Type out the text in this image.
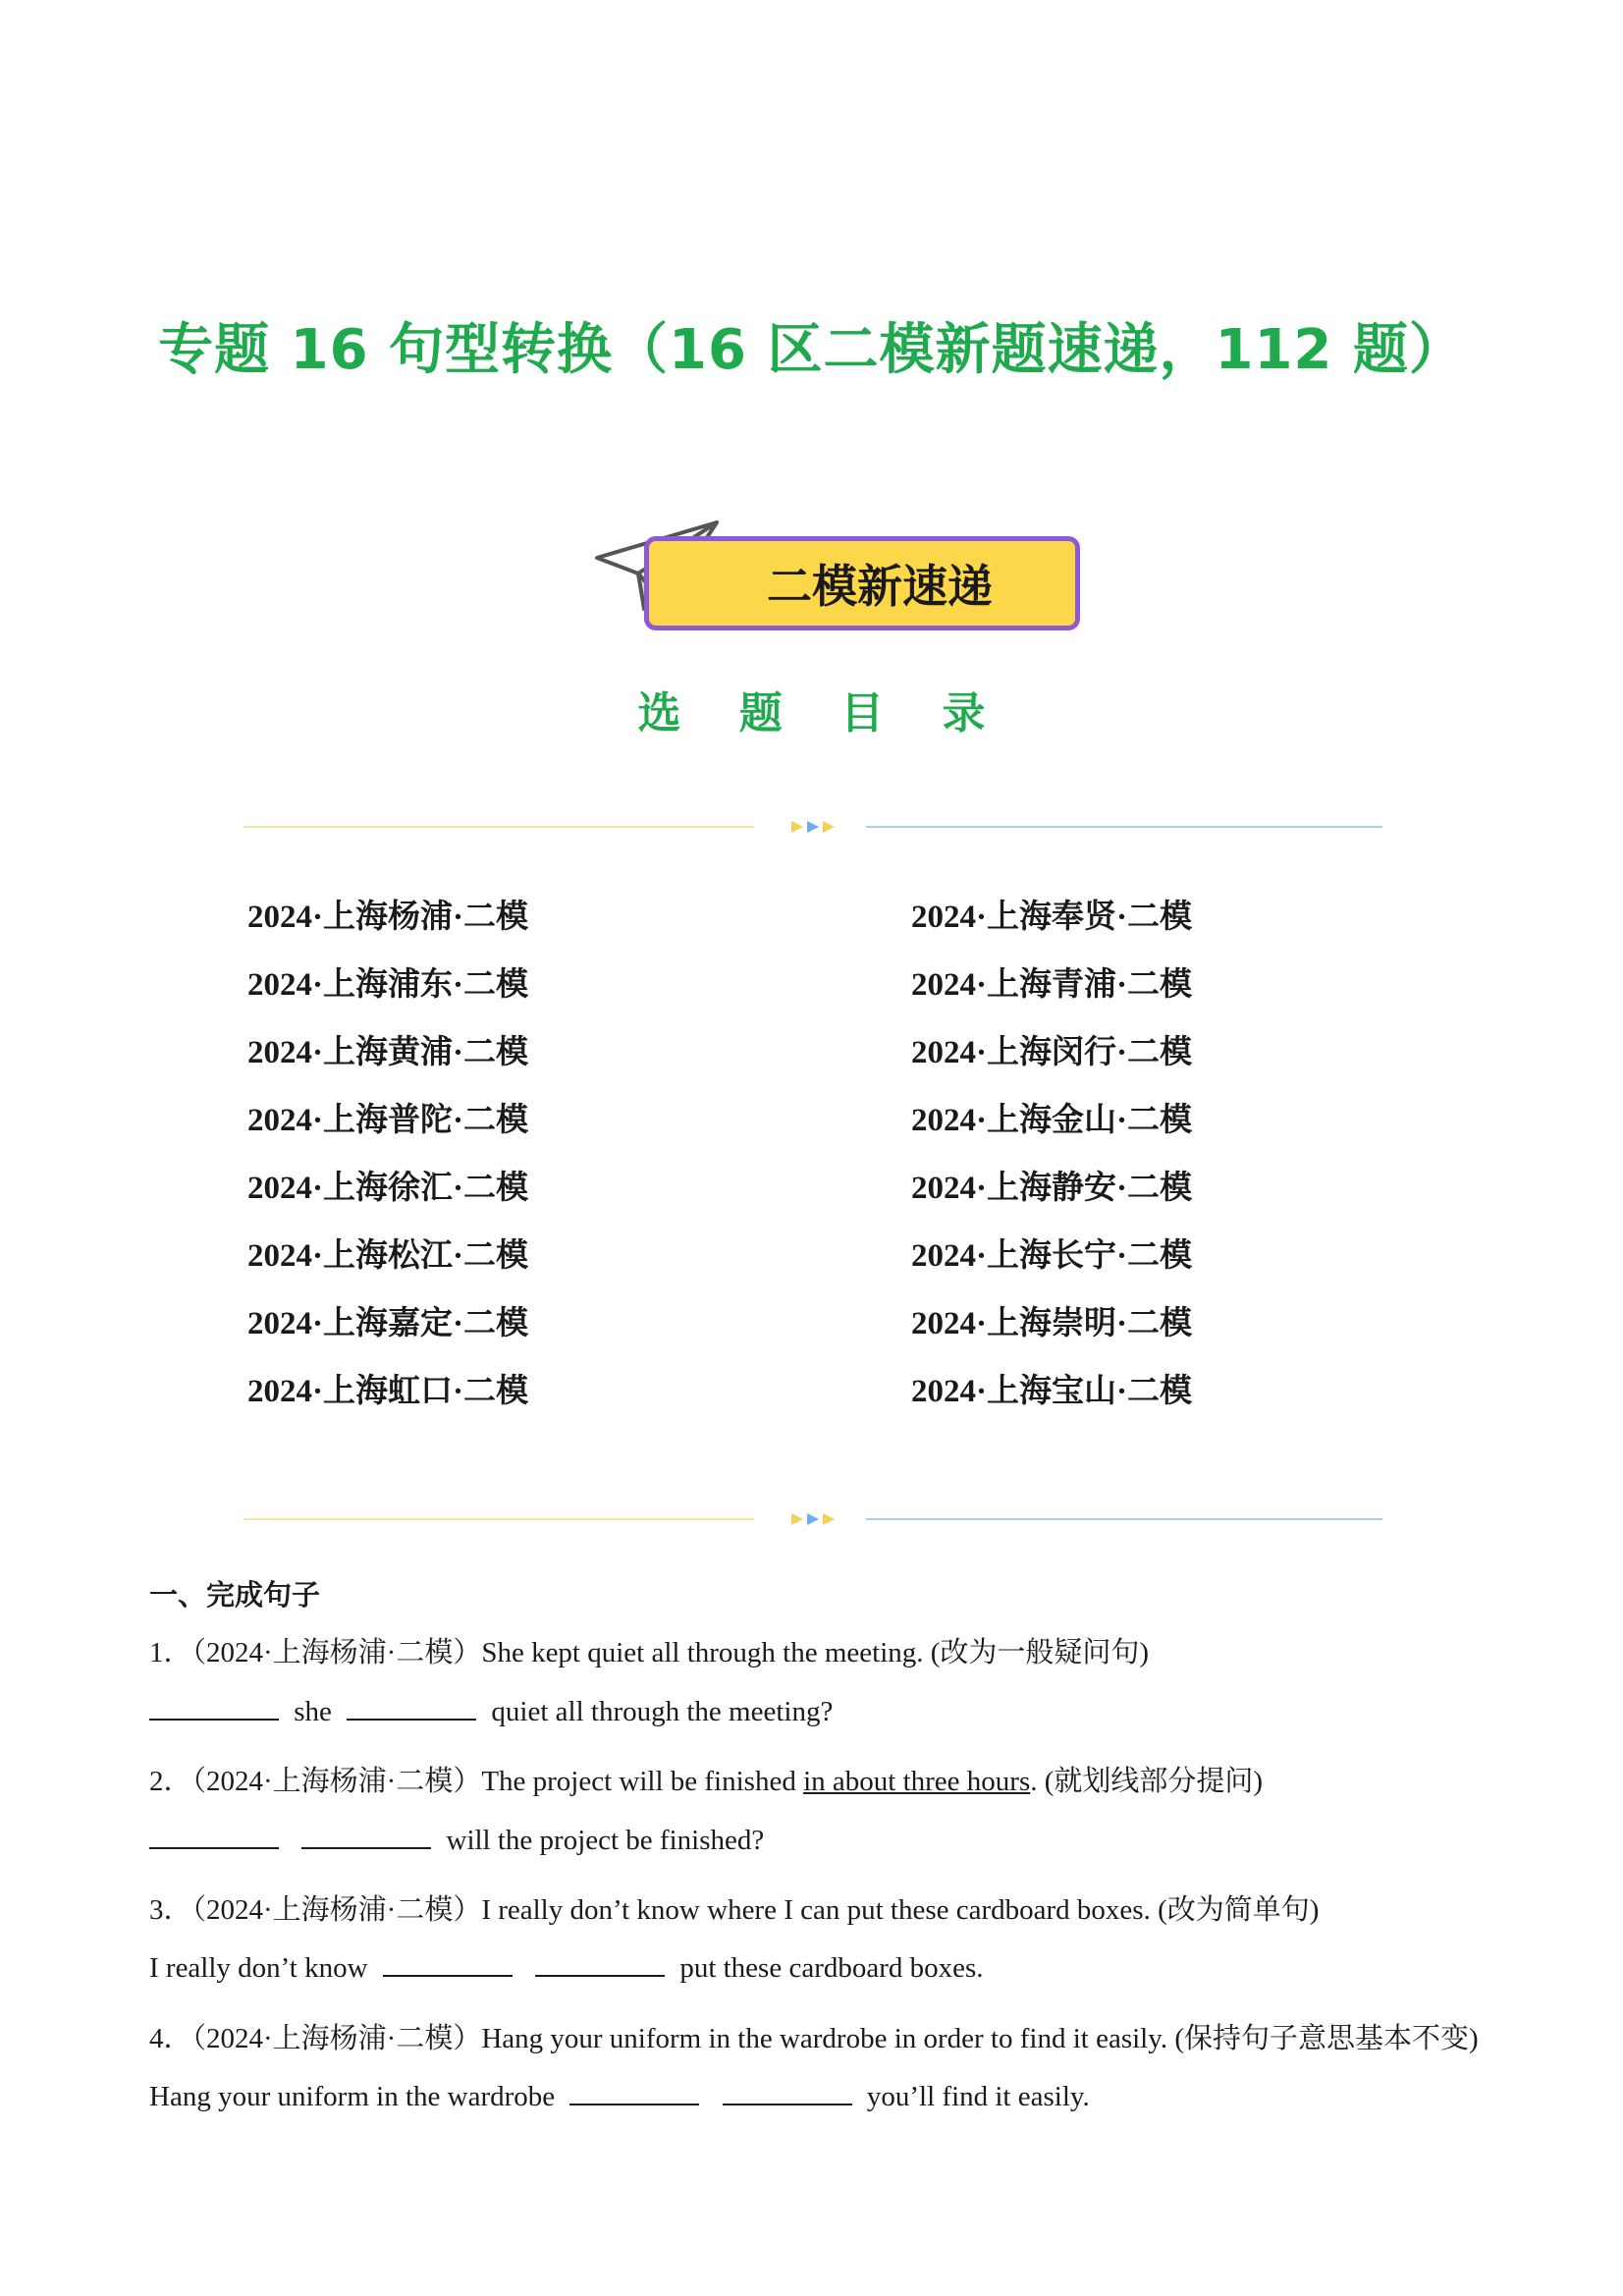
专题 16 句型转换（16 区二模新题速递，112 题）
二模新速递
选 题 目 录
2024·上海杨浦·二模
2024·上海浦东·二模
2024·上海黄浦·二模
2024·上海普陀·二模
2024·上海徐汇·二模
2024·上海松江·二模
2024·上海嘉定·二模
2024·上海虹口·二模
2024·上海奉贤·二模
2024·上海青浦·二模
2024·上海闵行·二模
2024·上海金山·二模
2024·上海静安·二模
2024·上海长宁·二模
2024·上海崇明·二模
2024·上海宝山·二模
一、完成句子
1．（2024·上海杨浦·二模）She kept quiet all through the meeting. (改为一般疑问句)
she	quiet all through the meeting?
2．（2024·上海杨浦·二模）The project will be finished in about three hours. (就划线部分提问)
will the project be finished?
3．（2024·上海杨浦·二模）I really don’t know where I can put these cardboard boxes. (改为简单句)
I really don’t know	put these cardboard boxes.
4．（2024·上海杨浦·二模）Hang your uniform in the wardrobe in order to find it easily. (保持句子意思基本不变)
Hang your uniform in the wardrobe	you’ll find it easily.
